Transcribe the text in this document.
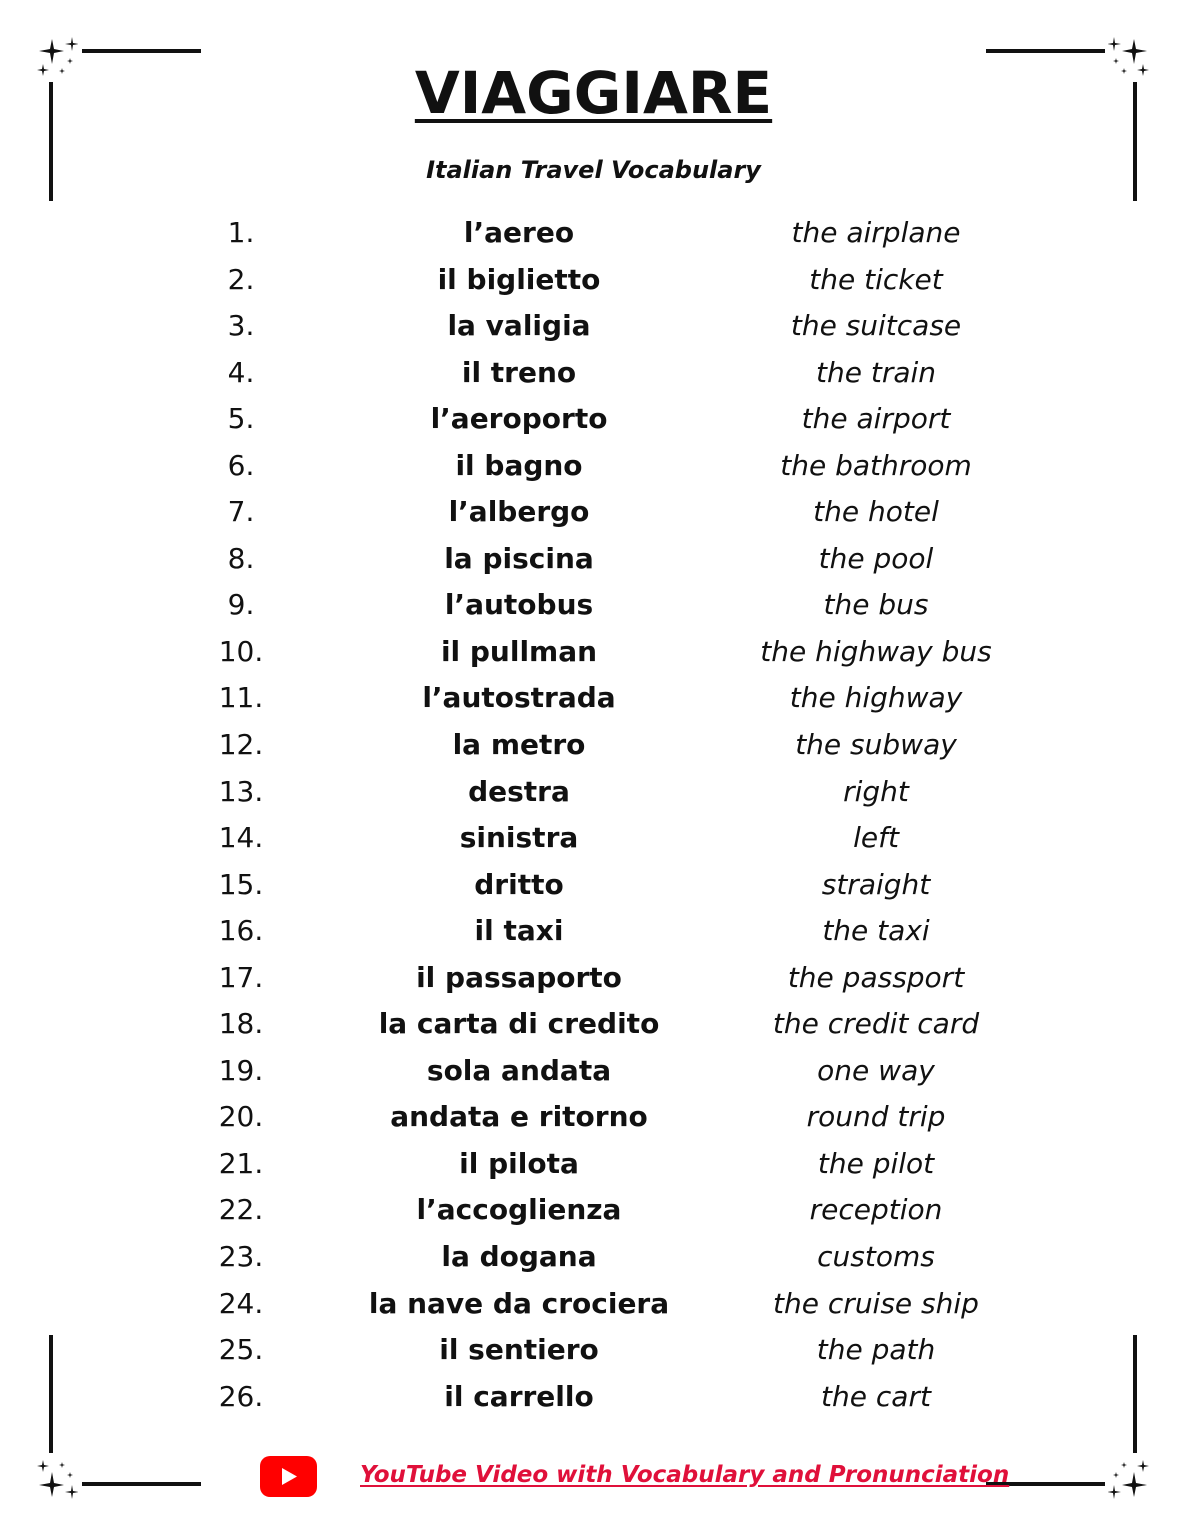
VIAGGIARE
Italian Travel Vocabulary
1.	l’aereo	the airplane
2.	il biglietto	the ticket
3.	la valigia	the suitcase
4.	il treno	the train
5.	l’aeroporto	the airport
6.	il bagno	the bathroom
7.	l’albergo	the hotel
8.	la piscina	the pool
9.	l’autobus	the bus
10.	il pullman	the highway bus
11.	l’autostrada	the highway
12.	la metro	the subway
13.	destra	right
14.	sinistra	left
15.	dritto	straight
16.	il taxi	the taxi
17.	il passaporto	the passport
18.	la carta di credito	the credit card
19.	sola andata	one way
20.	andata e ritorno	round trip
21.	il pilota	the pilot
22.	l’accoglienza	reception
23.	la dogana	customs
24.	la nave da crociera	the cruise ship
25.	il sentiero	the path
26.	il carrello	the cart
YouTube Video with Vocabulary and Pronunciation
